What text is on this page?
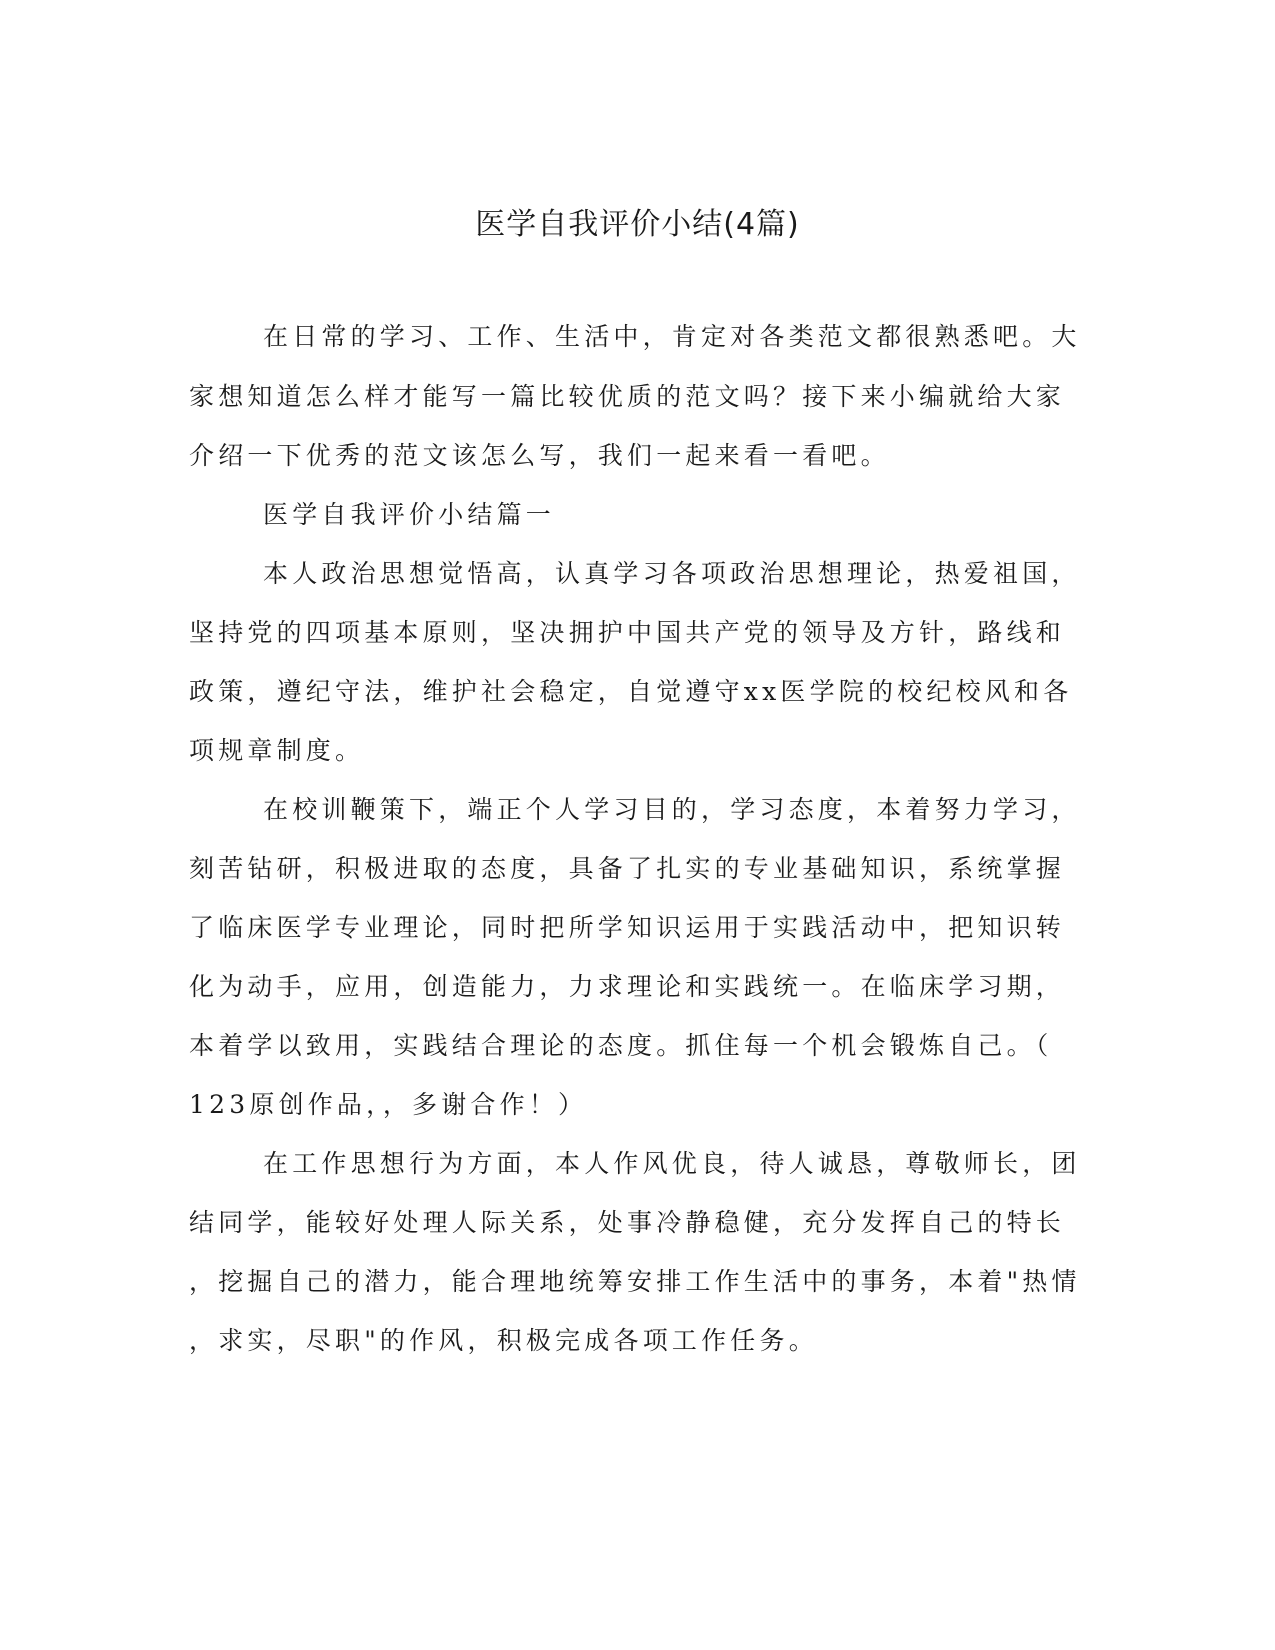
医学自我评价小结(4篇)

在日常的学习、工作、生活中，肯定对各类范文都很熟悉吧。大

家想知道怎么样才能写一篇比较优质的范文吗？接下来小编就给大家

介绍一下优秀的范文该怎么写，我们一起来看一看吧。

医学自我评价小结篇一

本人政治思想觉悟高，认真学习各项政治思想理论，热爱祖国，

坚持党的四项基本原则，坚决拥护中国共产党的领导及方针，路线和

政策，遵纪守法，维护社会稳定，自觉遵守xx医学院的校纪校风和各

项规章制度。

在校训鞭策下，端正个人学习目的，学习态度，本着努力学习，

刻苦钻研，积极进取的态度，具备了扎实的专业基础知识，系统掌握

了临床医学专业理论，同时把所学知识运用于实践活动中，把知识转

化为动手，应用，创造能力，力求理论和实践统一。在临床学习期，

本着学以致用，实践结合理论的态度。抓住每一个机会锻炼自己。（

123原创作品，，多谢合作！）

在工作思想行为方面，本人作风优良，待人诚恳，尊敬师长，团

结同学，能较好处理人际关系，处事冷静稳健，充分发挥自己的特长

，挖掘自己的潜力，能合理地统筹安排工作生活中的事务，本着"热情

，求实，尽职"的作风，积极完成各项工作任务。
